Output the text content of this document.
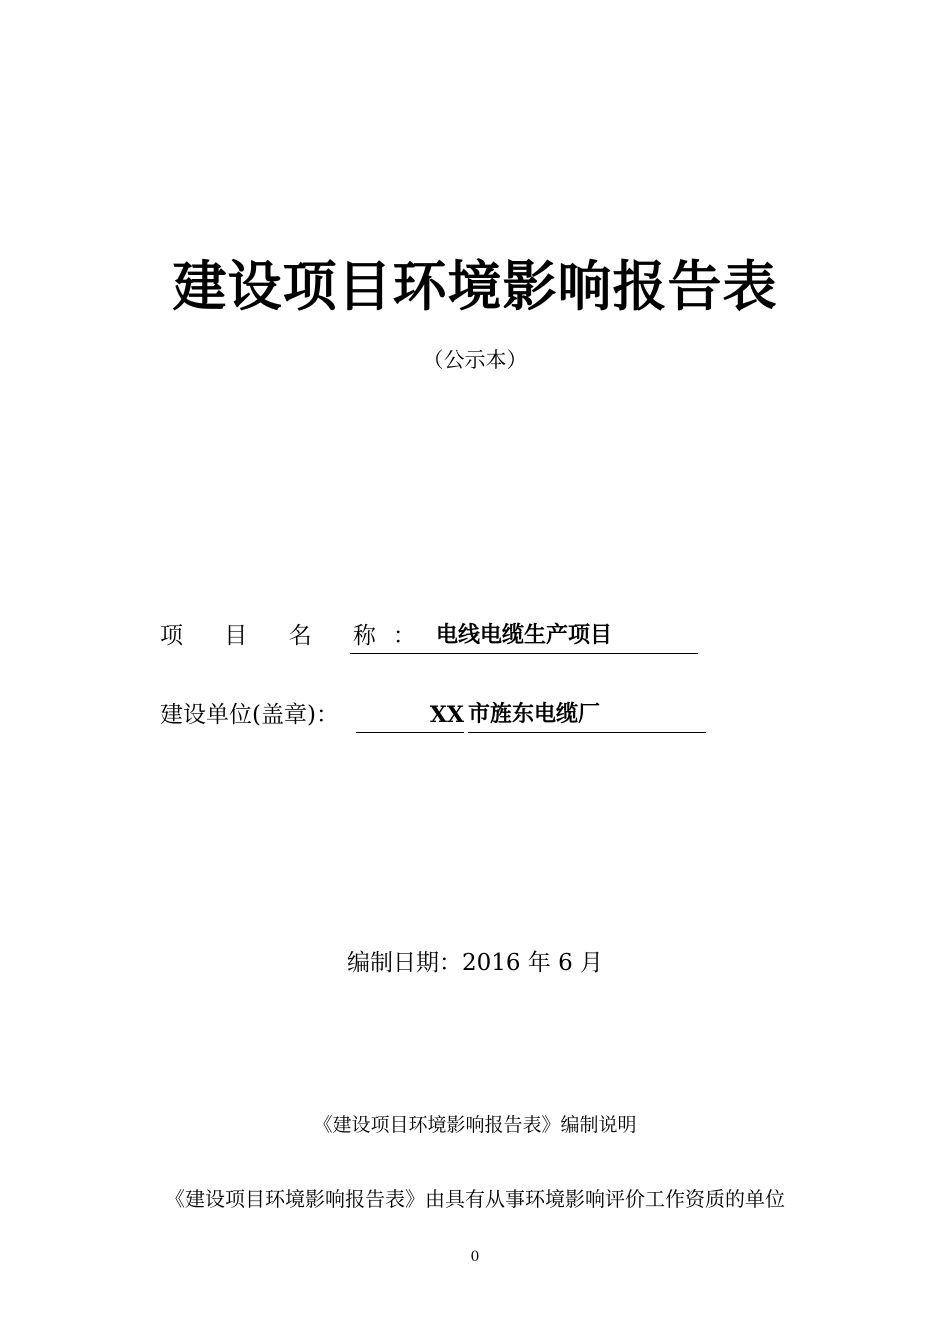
建设项目环境影响报告表
（公示本）
项 目 名 称： 电线电缆生产项目
建设单位(盖章)：	XX 市旌东电缆厂
编制日期：2016 年 6 月
《建设项目环境影响报告表》编制说明
《建设项目环境影响报告表》由具有从事环境影响评价工作资质的单位
0
